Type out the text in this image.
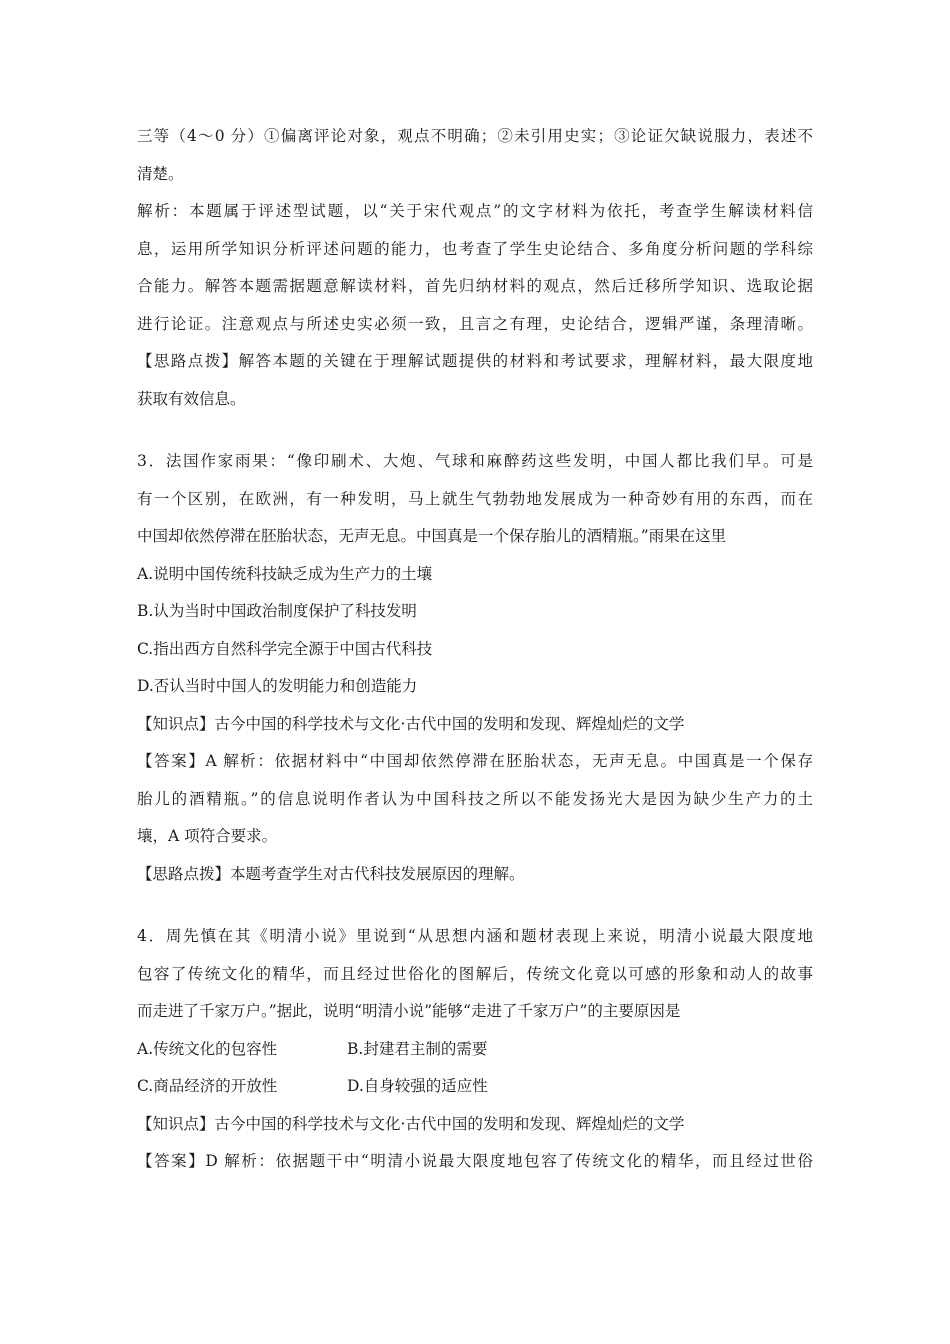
三等（4～0 分）①偏离评论对象，观点不明确；②未引用史实；③论证欠缺说服力，表述不
清楚。
解析：本题属于评述型试题，以“关于宋代观点”的文字材料为依托，考查学生解读材料信
息，运用所学知识分析评述问题的能力，也考查了学生史论结合、多角度分析问题的学科综
合能力。解答本题需据题意解读材料，首先归纳材料的观点，然后迁移所学知识、选取论据
进行论证。注意观点与所述史实必须一致，且言之有理，史论结合，逻辑严谨，条理清晰。
【思路点拨】解答本题的关键在于理解试题提供的材料和考试要求，理解材料，最大限度地
获取有效信息。
3．法国作家雨果：“像印刷术、大炮、气球和麻醉药这些发明，中国人都比我们早。可是
有一个区别，在欧洲，有一种发明，马上就生气勃勃地发展成为一种奇妙有用的东西，而在
中国却依然停滞在胚胎状态，无声无息。中国真是一个保存胎儿的酒精瓶。”雨果在这里
A.说明中国传统科技缺乏成为生产力的土壤
B.认为当时中国政治制度保护了科技发明
C.指出西方自然科学完全源于中国古代科技
D.否认当时中国人的发明能力和创造能力
【知识点】古今中国的科学技术与文化·古代中国的发明和发现、辉煌灿烂的文学
【答案】A 解析：依据材料中“中国却依然停滞在胚胎状态，无声无息。中国真是一个保存
胎儿的酒精瓶。”的信息说明作者认为中国科技之所以不能发扬光大是因为缺少生产力的土
壤，A 项符合要求。
【思路点拨】本题考查学生对古代科技发展原因的理解。
4．周先慎在其《明清小说》里说到“从思想内涵和题材表现上来说，明清小说最大限度地
包容了传统文化的精华，而且经过世俗化的图解后，传统文化竟以可感的形象和动人的故事
而走进了千家万户。”据此，说明“明清小说”能够“走进了千家万户”的主要原因是
A.传统文化的包容性	B.封建君主制的需要
C.商品经济的开放性	D.自身较强的适应性
【知识点】古今中国的科学技术与文化·古代中国的发明和发现、辉煌灿烂的文学
【答案】D 解析：依据题干中“明清小说最大限度地包容了传统文化的精华，而且经过世俗
